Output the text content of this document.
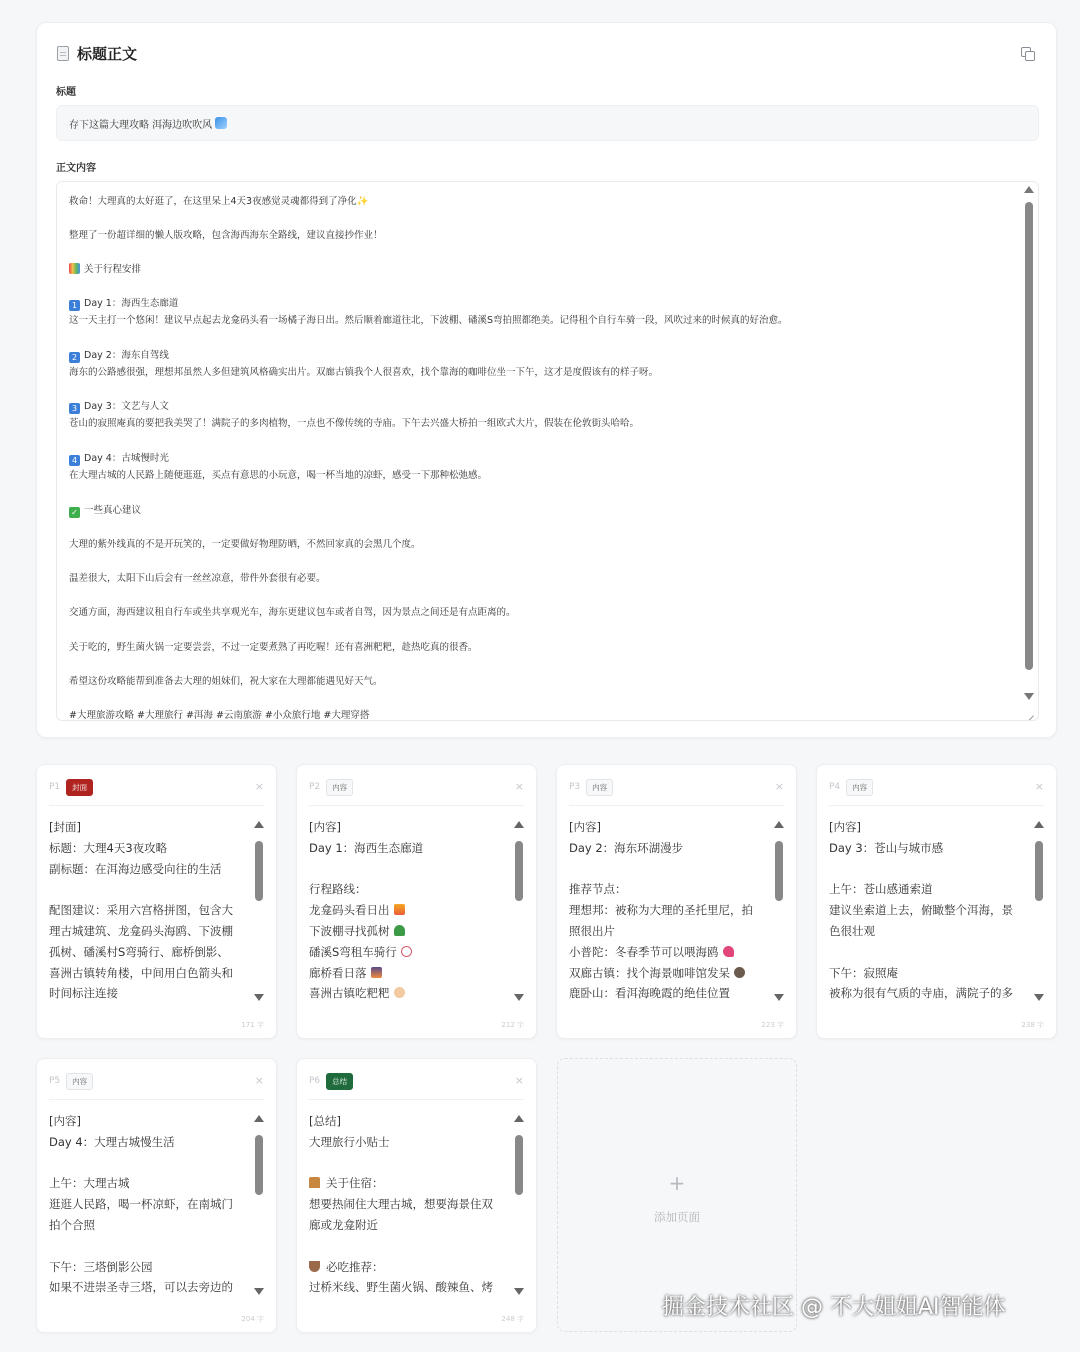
标题正文
标题
存下这篇大理攻略 洱海边吹吹风
正文内容

救命！大理真的太好逛了，在这里呆上4天3夜感觉灵魂都得到了净化✨

整理了一份超详细的懒人版攻略，包含海西海东全路线，建议直接抄作业！

关于行程安排

1 Day 1：海西生态廊道

这一天主打一个悠闲！建议早点起去龙龛码头看一场橘子海日出。然后顺着廊道往北，下波棚、磻溪S弯拍照都绝美。记得租个自行车骑一段，风吹过来的时候真的好治愈。

2 Day 2：海东自驾线

海东的公路感很强，理想邦虽然人多但建筑风格确实出片。双廊古镇我个人很喜欢，找个靠海的咖啡位坐一下午，这才是度假该有的样子呀。

3 Day 3：文艺与人文

苍山的寂照庵真的要把我美哭了！满院子的多肉植物，一点也不像传统的寺庙。下午去兴盛大桥拍一组欧式大片，假装在伦敦街头哈哈。

4 Day 4：古城慢时光

在大理古城的人民路上随便逛逛，买点有意思的小玩意，喝一杯当地的凉虾，感受一下那种松弛感。

✓ 一些真心建议

大理的紫外线真的不是开玩笑的，一定要做好物理防晒，不然回家真的会黑几个度。

温差很大，太阳下山后会有一丝丝凉意，带件外套很有必要。

交通方面，海西建议租自行车或坐共享观光车，海东更建议包车或者自驾，因为景点之间还是有点距离的。

关于吃的，野生菌火锅一定要尝尝，不过一定要煮熟了再吃喔！还有喜洲粑粑，趁热吃真的很香。

希望这份攻略能帮到准备去大理的姐妹们，祝大家在大理都能遇见好天气。

#大理旅游攻略 #大理旅行 #洱海 #云南旅游 #小众旅行地 #大理穿搭

P1	封面	×
[封面]
标题：大理4天3夜攻略
副标题：在洱海边感受向往的生活
配图建议：采用六宫格拼图，包含大
理古城建筑、龙龛码头海鸥、下波棚
孤树、磻溪村S弯骑行、廊桥倒影、
喜洲古镇转角楼，中间用白色箭头和
时间标注连接
171 字
P2	内容	×
[内容]
Day 1：海西生态廊道
行程路线：
龙龛码头看日出
下波棚寻找孤树
磻溪S弯租车骑行
廊桥看日落
喜洲古镇吃粑粑
212 字
P3	内容	×
[内容]
Day 2：海东环湖漫步
推荐节点：
理想邦：被称为大理的圣托里尼，拍
照很出片
小普陀：冬春季节可以喂海鸥
双廊古镇：找个海景咖啡馆发呆
鹿卧山：看洱海晚霞的绝佳位置
223 字
P4	内容	×
[内容]
Day 3：苍山与城市感
上午：苍山感通索道
建议坐索道上去，俯瞰整个洱海，景
色很壮观
下午：寂照庵
被称为很有气质的寺庙，满院子的多
238 字
P5	内容	×
[内容]
Day 4：大理古城慢生活
上午：大理古城
逛逛人民路，喝一杯凉虾，在南城门
拍个合照
下午：三塔倒影公园
如果不进崇圣寺三塔，可以去旁边的
204 字
P6	总结	×
[总结]
大理旅行小贴士
关于住宿：
想要热闹住大理古城，想要海景住双
廊或龙龛附近
必吃推荐：
过桥米线、野生菌火锅、酸辣鱼、烤
248 字
+
添加页面
掘金技术社区 @ 不大姐姐AI智能体
